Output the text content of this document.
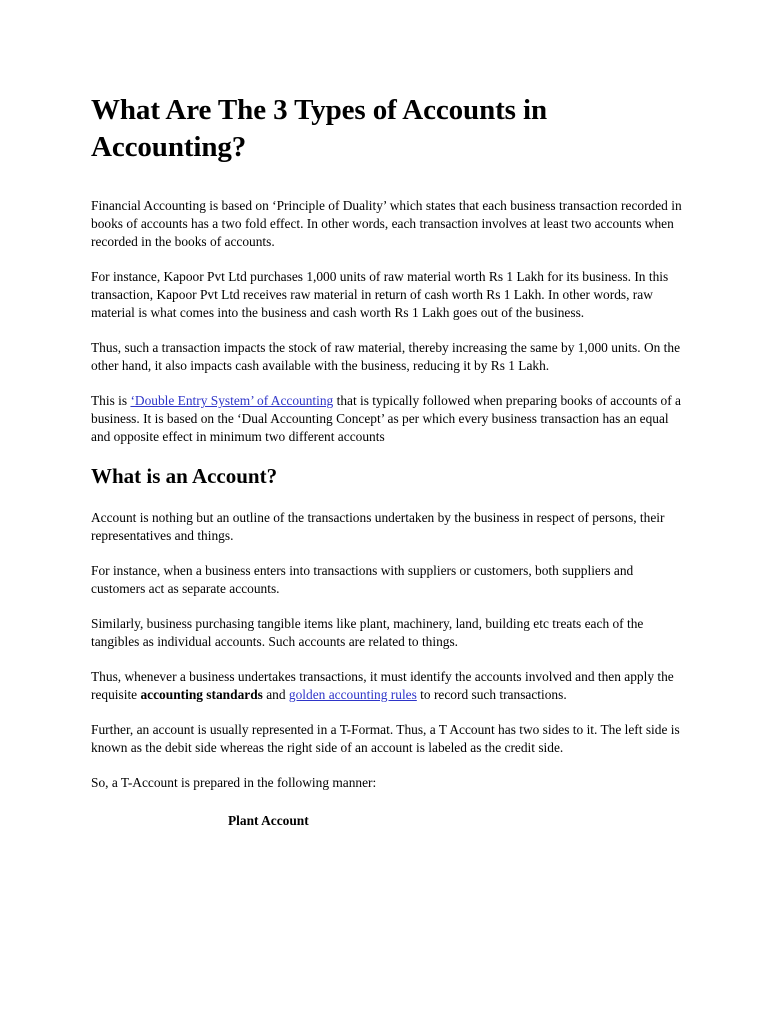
What Are The 3 Types of Accounts in Accounting?

Financial Accounting is based on ‘Principle of Duality’ which states that each business transaction recorded in books of accounts has a two fold effect. In other words, each transaction involves at least two accounts when recorded in the books of accounts.

For instance, Kapoor Pvt Ltd purchases 1,000 units of raw material worth Rs 1 Lakh for its business. In this transaction, Kapoor Pvt Ltd receives raw material in return of cash worth Rs 1 Lakh. In other words, raw material is what comes into the business and cash worth Rs 1 Lakh goes out of the business.

Thus, such a transaction impacts the stock of raw material, thereby increasing the same by 1,000 units. On the other hand, it also impacts cash available with the business, reducing it by Rs 1 Lakh.

This is ‘Double Entry System’ of Accounting that is typically followed when preparing books of accounts of a business. It is based on the ‘Dual Accounting Concept’ as per which every business transaction has an equal and opposite effect in minimum two different accounts

What is an Account?

Account is nothing but an outline of the transactions undertaken by the business in respect of persons, their representatives and things.

For instance, when a business enters into transactions with suppliers or customers, both suppliers and customers act as separate accounts.

Similarly, business purchasing tangible items like plant, machinery, land, building etc treats each of the tangibles as individual accounts. Such accounts are related to things.

Thus, whenever a business undertakes transactions, it must identify the accounts involved and then apply the requisite accounting standards and golden accounting rules to record such transactions.

Further, an account is usually represented in a T-Format. Thus, a T Account has two sides to it. The left side is known as the debit side whereas the right side of an account is labeled as the credit side.

So, a T-Account is prepared in the following manner:

Plant Account
